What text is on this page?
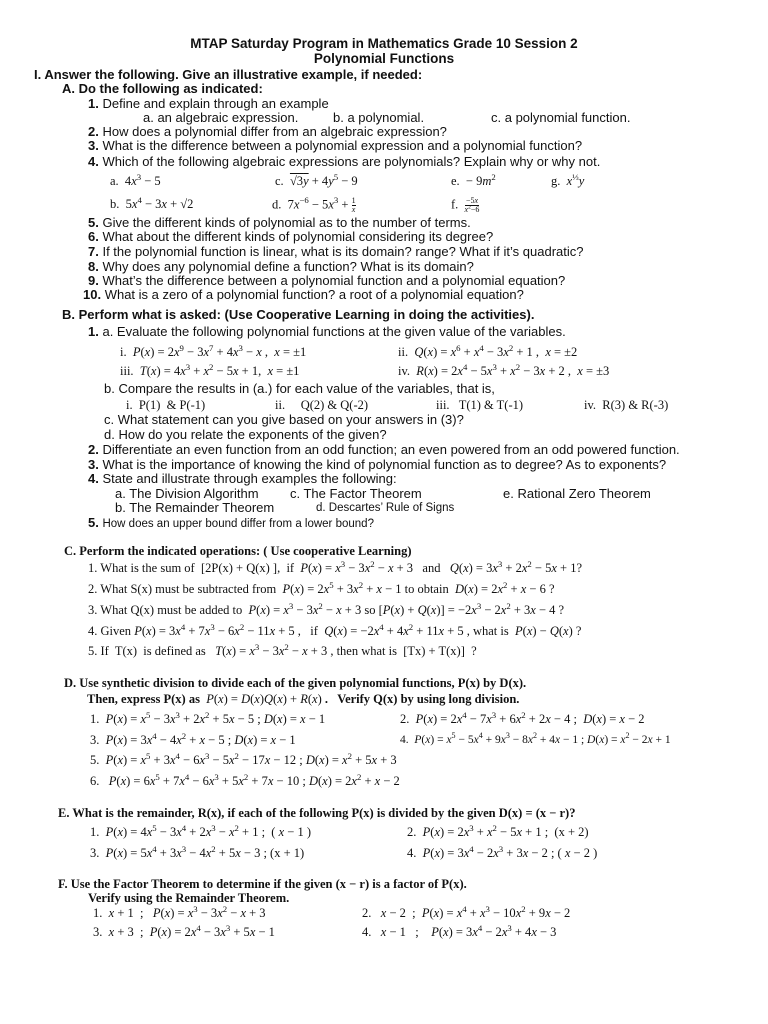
MTAP Saturday Program in Mathematics Grade 10 Session 2
Polynomial Functions
I. Answer the following. Give an illustrative example, if needed:
A. Do the following as indicated:
1. Define and explain through an example
a. an algebraic expression.	b. a polynomial.	c. a polynomial function.
2. How does a polynomial differ from an algebraic expression?
3. What is the difference between a polynomial expression and a polynomial function?
4. Which of the following algebraic expressions are polynomials? Explain why or why not.
a.  $4x^3 - 5$	c.  $√3y + 4y^5 - 9$	e.  − $9m^2$	g.  $x^{\frac{1}{3}}y$
b.  $5x^4 - 3x + √2$	d.  $7x^{-6} - 5x^3 + \frac{1}{x}$	f. $\frac{-5x}{x^2-6}$
5. Give the different kinds of polynomial as to the number of terms.
6. What about the different kinds of polynomial considering its degree?
7. If the polynomial function is linear, what is its domain? range? What if it’s quadratic?
8. Why does any polynomial define a function? What is its domain?
9. What’s the difference between a polynomial function and a polynomial equation?
10. What is a zero of a polynomial function? a root of a polynomial equation?
B. Perform what is asked: (Use Cooperative Learning in doing the activities).
1. a. Evaluate the following polynomial functions at the given value of the variables.
i.  $P(x) = 2x^9 - 3x^7 + 4x^3 - x$ ,  x = ±1	ii.  $Q(x) = x^6 + x^4 - 3x^2 + 1$ ,  x = ±2
iii.  $T(x) = 4x^3 + x^2 - 5x + 1$,  x = ±1	iv.  $R(x) = 2x^4 - 5x^3 + x^2 - 3x + 2$ ,  x = ±3
b. Compare the results in (a.) for each value of the variables, that is,
i.  P(1)  & P(-1)	ii.     Q(2) & Q(-2)	iii.   T(1) & T(-1)	iv.  R(3) & R(-3)
c. What statement can you give based on your answers in (3)?
d. How do you relate the exponents of the given?
2. Differentiate an even function from an odd function; an even powered from an odd powered function.
3. What is the importance of knowing the kind of polynomial function as to degree? As to exponents?
4. State and illustrate through examples the following:
a. The Division Algorithm c. The Factor Theorem	e. Rational Zero Theorem
b. The Remainder Theorem	d. Descartes’ Rule of Signs
5. How does an upper bound differ from a lower bound?
C. Perform the indicated operations: ( Use cooperative Learning)
1. What is the sum of  [2P(x) + Q(x) ],  if  $P(x) = x^3 - 3x^2 - x + 3$   and   $Q(x) = 3x^3 + 2x^2 - 5x + 1$?
2. What S(x) must be subtracted from  $P(x) = 2x^5 + 3x^2 + x - 1$ to obtain  $D(x) = 2x^2 + x - 6$ ?
3. What Q(x) must be added to  $P(x) = x^3 - 3x^2 - x + 3$ so $[P(x) + Q(x)] = -2x^3 - 2x^2 + 3x - 4$ ?
4. Given $P(x) = 3x^4 + 7x^3 - 6x^2 - 11x + 5$ ,   if  $Q(x) = -2x^4 + 4x^2 + 11x + 5$ , what is  P(x) − Q(x) ?
5. If  T(x)  is defined as   $T(x) = x^3 - 3x^2 - x + 3$ , then what is  [Tx) + T(x)]  ?
D. Use synthetic division to divide each of the given polynomial functions, P(x) by D(x).
Then, express P(x) as P(x) = D(x)Q(x) + R(x) .   Verify Q(x) by using long division.
1.  $P(x) = x^5 - 3x^3 + 2x^2 + 5x - 5$ ; D(x) = x − 1	2.  $P(x) = 2x^4 - 7x^3 + 6x^2 + 2x - 4$ ;  D(x) = x − 2
3.  $P(x) = 3x^4 - 4x^2 + x - 5$ ; D(x) = x − 1	4.  $P(x) = x^5 - 5x^4 + 9x^3 - 8x^2 + 4x - 1$ ; $D(x) = x^2 - 2x + 1$
5.  $P(x) = x^5 + 3x^4 - 6x^3 - 5x^2 - 17x - 12$ ; $D(x) = x^2 + 5x + 3$
6.   $P(x) = 6x^5 + 7x^4 - 6x^3 + 5x^2 + 7x - 10$ ; $D(x) = 2x^2 + x - 2$
E. What is the remainder, R(x), if each of the following P(x) is divided by the given D(x) = (x − r)?
1.  $P(x) = 4x^5 - 3x^4 + 2x^3 - x^2 + 1$ ;  ( x − 1 )	2.  $P(x) = 2x^3 + x^2 - 5x + 1$ ;  (x + 2)
3.  $P(x) = 5x^4 + 3x^3 - 4x^2 + 5x - 3$ ; (x + 1)	4.  $P(x) = 3x^4 - 2x^3 + 3x - 2$ ; ( x − 2 )
F. Use the Factor Theorem to determine if the given (x − r) is a factor of P(x).
Verify using the Remainder Theorem.
1.  x + 1  ;   $P(x) = x^3 - 3x^2 - x + 3$	2.   x − 2  ;  $P(x) = x^4 + x^3 - 10x^2 + 9x - 2$
3.  x + 3  ;  $P(x) = 2x^4 - 3x^3 + 5x - 1$	4.   x − 1   ;    $P(x) = 3x^4 - 2x^3 + 4x - 3$
